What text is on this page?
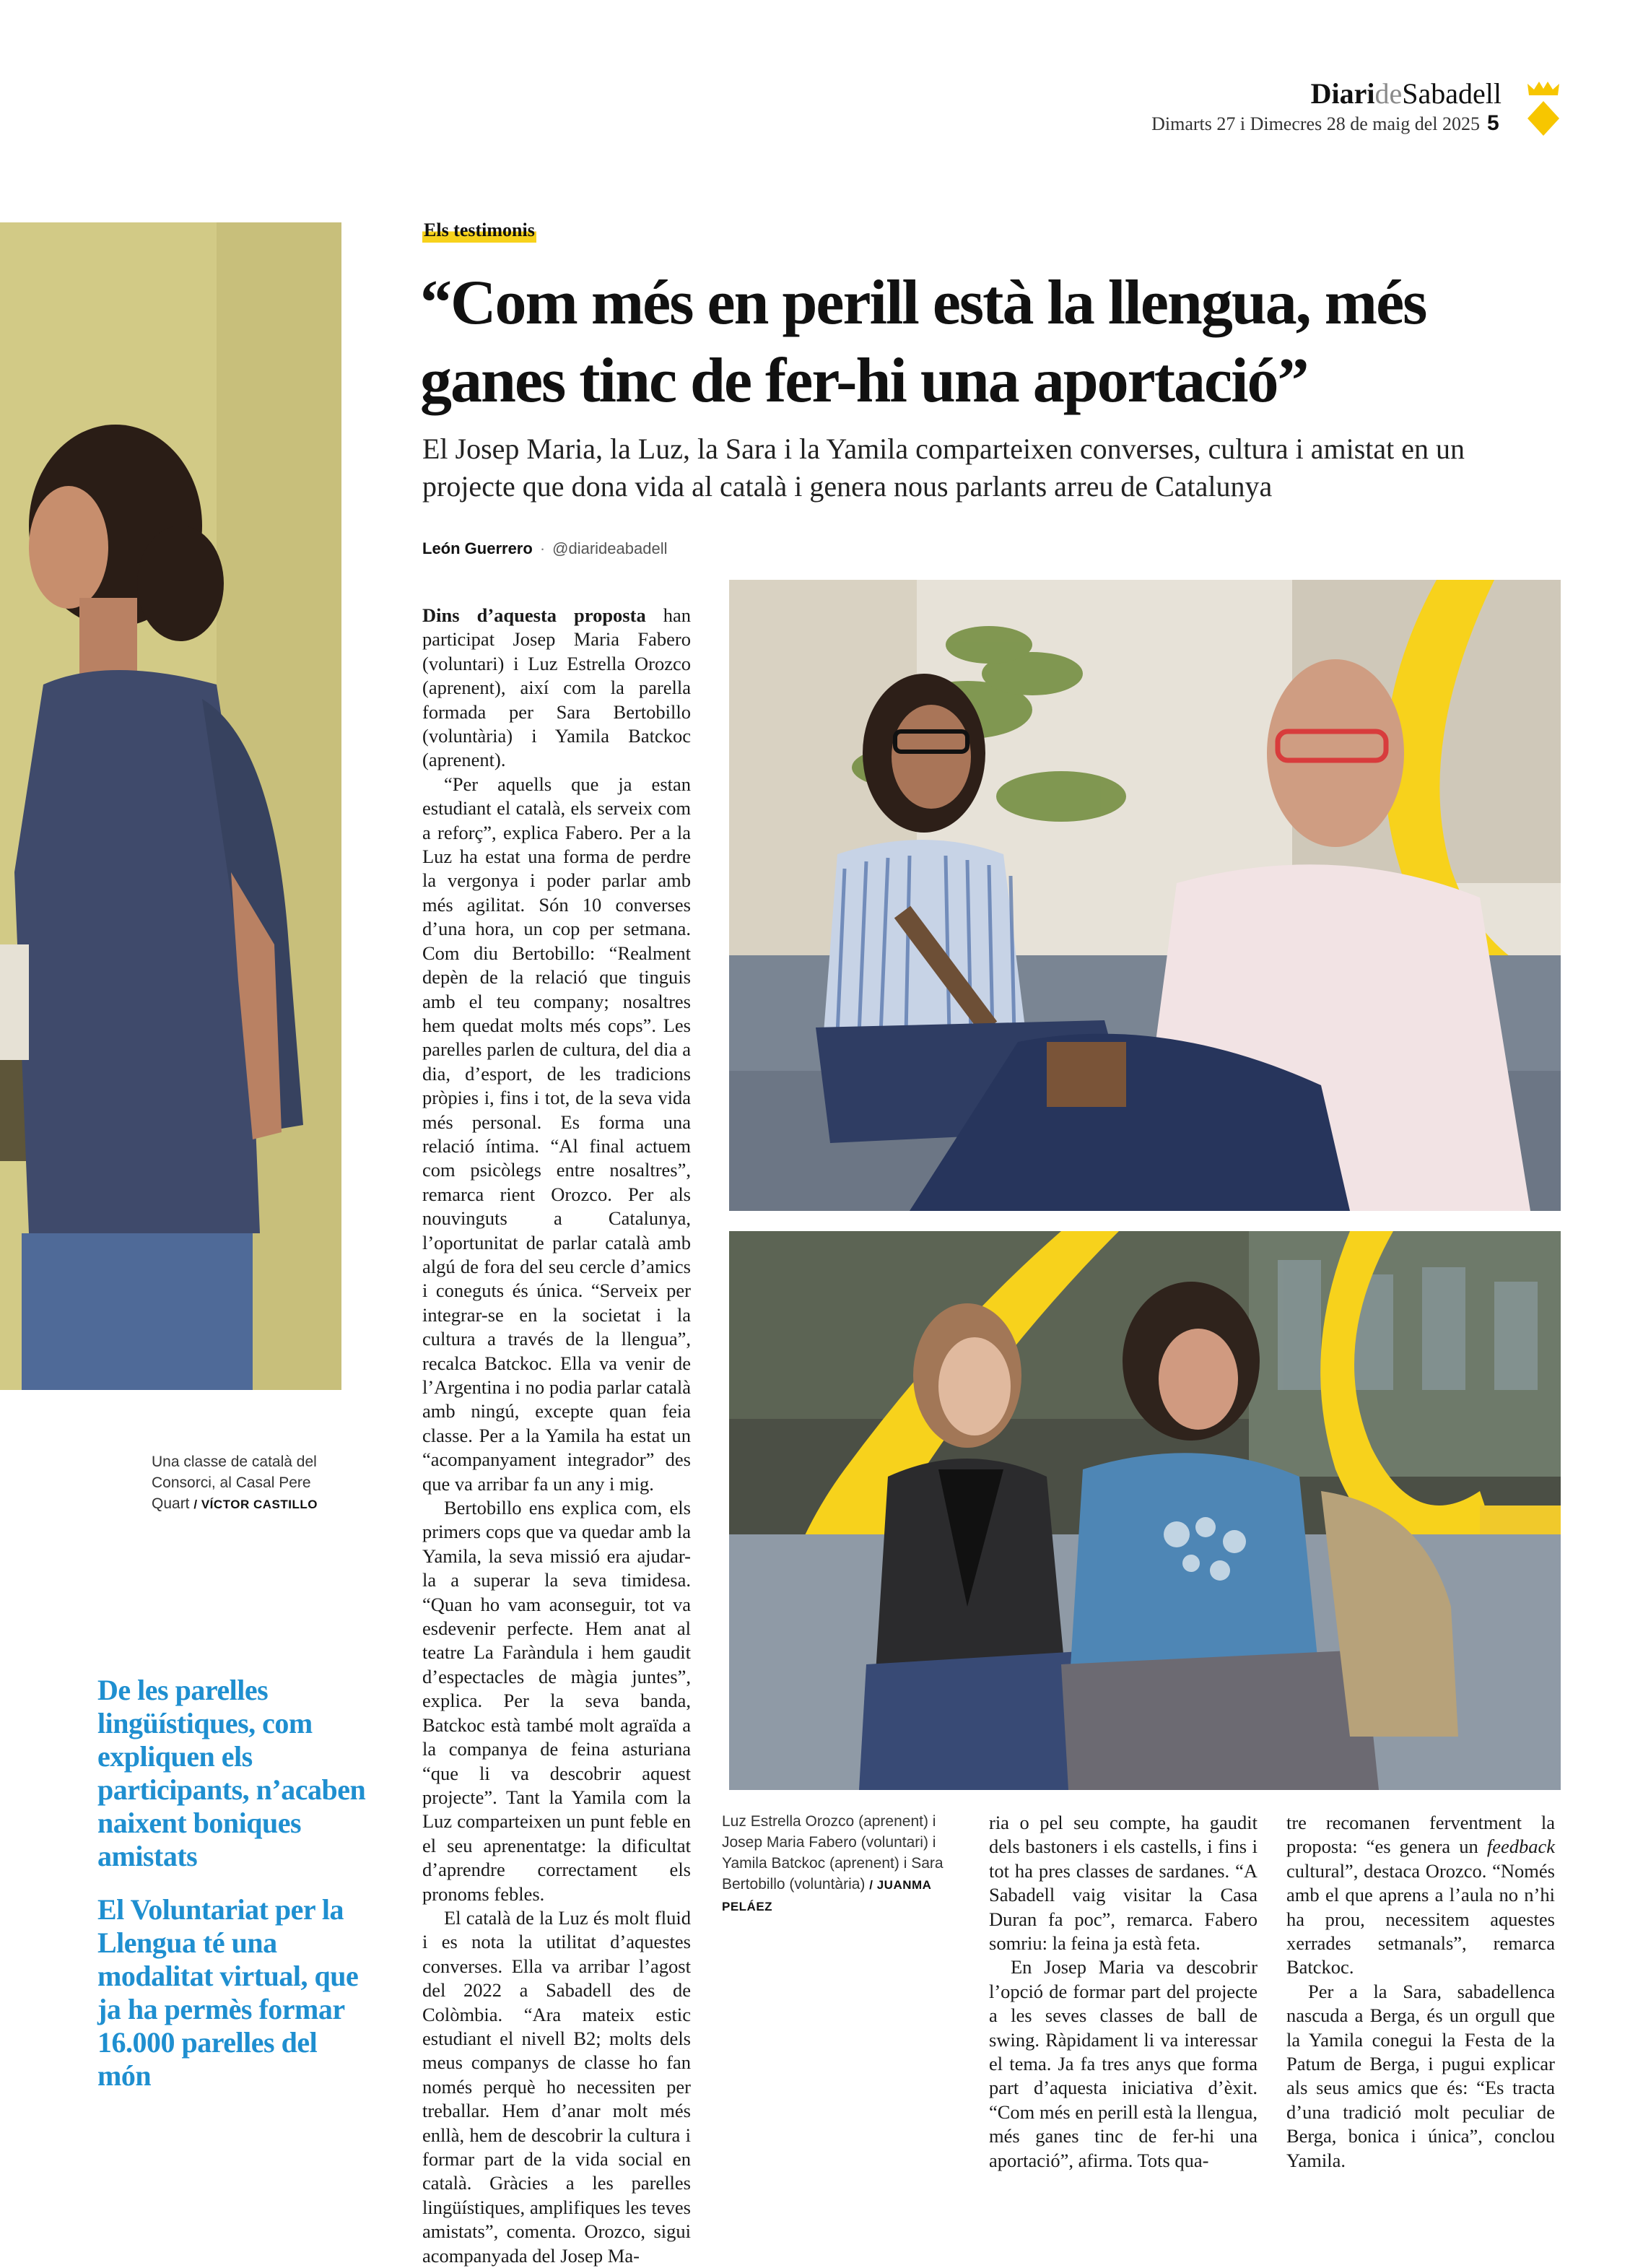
DiarideSabadell
Dimarts 27 i Dimecres 28 de maig del 2025 5
Els testimonis
“Com més en perill està la llengua, més ganes tinc de fer-hi una aportació”

El Josep Maria, la Luz, la Sara i la Yamila comparteixen converses, cultura i amistat en un projecte que dona vida al català i genera nous parlants arreu de Catalunya

León Guerrero · @diarideabadell

Dins d’aquesta proposta han participat Josep Maria Fabero (voluntari) i Luz Estrella Orozco (aprenent), així com la parella formada per Sara Bertobillo (voluntària) i Yamila Batckoc (aprenent).

“Per aquells que ja estan estudiant el català, els serveix com a reforç”, explica Fabero. Per a la Luz ha estat una forma de perdre la vergonya i poder parlar amb més agilitat. Són 10 converses d’una hora, un cop per setmana. Com diu Bertobillo: “Realment depèn de la relació que tinguis amb el teu company; nosaltres hem quedat molts més cops”. Les parelles parlen de cultura, del dia a dia, d’esport, de les tradicions pròpies i, fins i tot, de la seva vida més personal. Es forma una relació íntima. “Al final actuem com psicòlegs entre nosaltres”, remarca rient Orozco. Per als nouvinguts a Catalunya, l’oportunitat de parlar català amb algú de fora del seu cercle d’amics i coneguts és única. “Serveix per integrar-se en la societat i la cultura a través de la llengua”, recalca Batckoc. Ella va venir de l’Argentina i no podia parlar català amb ningú, excepte quan feia classe. Per a la Yamila ha estat un “acompanyament integrador” des que va arribar fa un any i mig.

Bertobillo ens explica com, els primers cops que va quedar amb la Yamila, la seva missió era ajudar-la a superar la seva timidesa. “Quan ho vam aconseguir, tot va esdevenir perfecte. Hem anat al teatre La Faràndula i hem gaudit d’espectacles de màgia juntes”, explica. Per la seva banda, Batckoc està també molt agraïda a la companya de feina asturiana “que li va descobrir aquest projecte”. Tant la Yamila com la Luz comparteixen un punt feble en el seu aprenentatge: la dificultat d’aprendre correctament els pronoms febles.

El català de la Luz és molt fluid i es nota la utilitat d’aquestes converses. Ella va arribar l’agost del 2022 a Sabadell des de Colòmbia. “Ara mateix estic estudiant el nivell B2; molts dels meus companys de classe ho fan només perquè ho necessiten per treballar. Hem d’anar molt més enllà, hem de descobrir la cultura i formar part de la vida social en català. Gràcies a les parelles lingüístiques, amplifiques les teves amistats”, comenta. Orozco, sigui acompanyada del Josep Ma-

ria o pel seu compte, ha gaudit dels bastoners i els castells, i fins i tot ha pres classes de sardanes. “A Sabadell vaig visitar la Casa Duran fa poc”, remarca. Fabero somriu: la feina ja està feta.

En Josep Maria va descobrir l’opció de formar part del projecte a les seves classes de ball de swing. Ràpidament li va interessar el tema. Ja fa tres anys que forma part d’aquesta iniciativa d’èxit. “Com més en perill està la llengua, més ganes tinc de fer-hi una aportació”, afirma. Tots qua-

tre recomanen ferventment la proposta: “es genera un feedback cultural”, destaca Orozco. “Només amb el que aprens a l’aula no n’hi ha prou, necessitem aquestes xerrades setmanals”, remarca Batckoc.

Per a la Sara, sabadellenca nascuda a Berga, és un orgull que la Yamila conegui la Festa de la Patum de Berga, i pugui explicar als seus amics que és: “Es tracta d’una tradició molt peculiar de Berga, bonica i única”, conclou Yamila.

Una classe de català del Consorci, al Casal Pere Quart / VÍCTOR CASTILLO
Luz Estrella Orozco (aprenent) i Josep Maria Fabero (voluntari) i Yamila Batckoc (aprenent) i Sara Bertobillo (voluntària) / JUANMA PELÁEZ

De les parelles lingüístiques, com expliquen els participants, n’acaben naixent boniques amistats

El Voluntariat per la Llengua té una modalitat virtual, que ja ha permès formar 16.000 parelles del món
